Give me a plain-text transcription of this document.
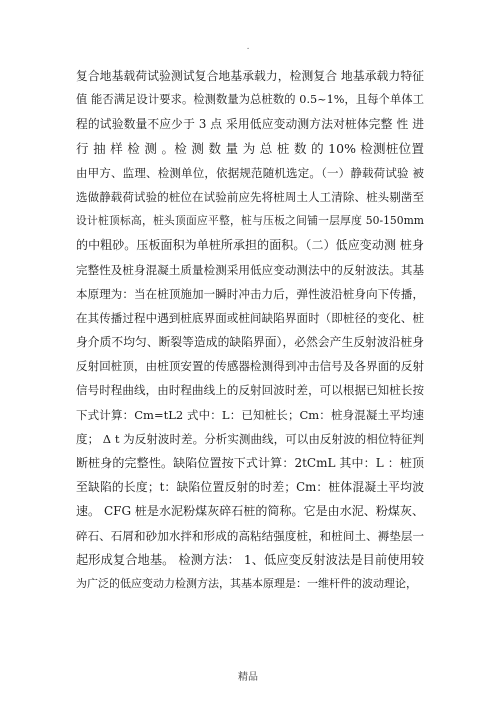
.
复合地基载荷试验测试复合地基承载力，检测复合 地基承载力特征
值 能否满足设计要求。检测数量为总桩数的 0.5~1%，且每个单体工
程的试验数量不应少于 3 点 采用低应变动测方法对桩体完整 性 进
行 抽 样 检 测 。检 测 数 量 为 总 桩 数 的 10% 检测桩位置
由甲方、监理、检测单位，依据规范随机选定。（一）静载荷试验 被
选做静载荷试验的桩位在试验前应先将桩周土人工清除、桩头剔凿至
设计桩顶标高，桩头顶面应平整，桩与压板之间铺一层厚度 50-150mm
的中粗砂。压板面积为单桩所承担的面积。（二）低应变动测 桩身
完整性及桩身混凝土质量检测采用低应变动测法中的反射波法。其基
本原理为：当在桩顶施加一瞬时冲击力后，弹性波沿桩身向下传播，
在其传播过程中遇到桩底界面或桩间缺陷界面时（即桩径的变化、桩
身介质不均匀、断裂等造成的缺陷界面），必然会产生反射波沿桩身
反射回桩顶，由桩顶安置的传感器检测得到冲击信号及各界面的反射
信号时程曲线，由时程曲线上的反射回波时差，可以根据已知桩长按
下式计算：Cm=tL2 式中：L：已知桩长；Cm：桩身混凝土平均速
度； Δ t 为反射波时差。分析实测曲线，可以由反射波的相位特征判
断桩身的完整性。缺陷位置按下式计算：2tCmL 其中：L ：桩顶
至缺陷的长度；t：缺陷位置反射的时差；Cm：桩体混凝土平均波
速。 CFG 桩是水泥粉煤灰碎石桩的简称。它是由水泥、粉煤灰、
碎石、石屑和砂加水拌和形成的高粘结强度桩，和桩间土、褥垫层一
起形成复合地基。 检测方法： 1、低应变反射波法是目前使用较
为广泛的低应变动力检测方法，其基本原理是：一维杆件的波动理论，
精品
